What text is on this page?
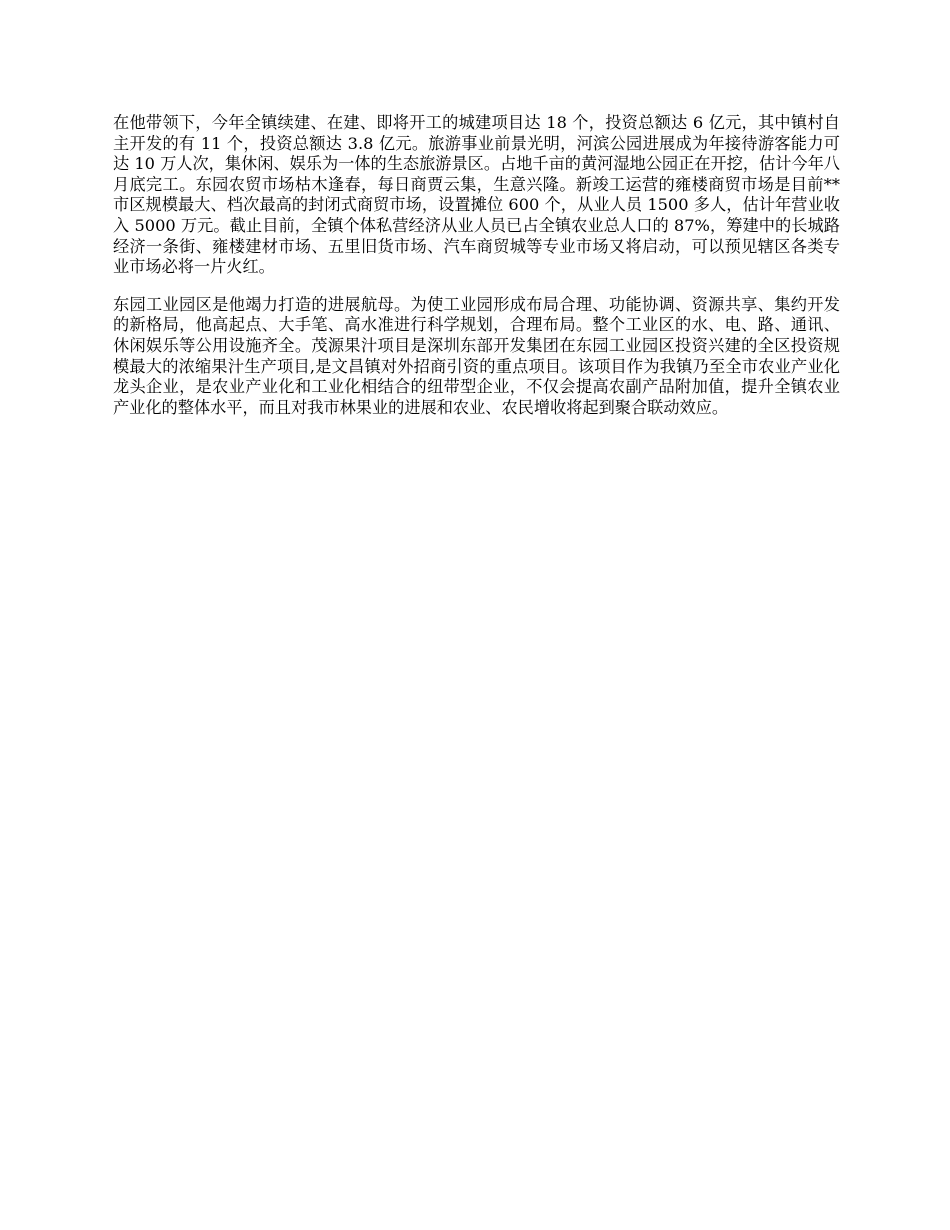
在他带领下，今年全镇续建、在建、即将开工的城建项目达 18 个，投资总额达 6 亿元，其中镇村自主开发的有 11 个，投资总额达 3.8 亿元。旅游事业前景光明，河滨公园进展成为年接待游客能力可达 10 万人次，集休闲、娱乐为一体的生态旅游景区。占地千亩的黄河湿地公园正在开挖，估计今年八月底完工。东园农贸市场枯木逢春，每日商贾云集，生意兴隆。新竣工运营的雍楼商贸市场是目前**市区规模最大、档次最高的封闭式商贸市场，设置摊位 600 个，从业人员 1500 多人，估计年营业收入 5000 万元。截止目前，全镇个体私营经济从业人员已占全镇农业总人口的 87%，筹建中的长城路经济一条街、雍楼建材市场、五里旧货市场、汽车商贸城等专业市场又将启动，可以预见辖区各类专业市场必将一片火红。

东园工业园区是他竭力打造的进展航母。为使工业园形成布局合理、功能协调、资源共享、集约开发的新格局，他高起点、大手笔、高水准进行科学规划，合理布局。整个工业区的水、电、路、通讯、休闲娱乐等公用设施齐全。茂源果汁项目是深圳东部开发集团在东园工业园区投资兴建的全区投资规模最大的浓缩果汁生产项目,是文昌镇对外招商引资的重点项目。该项目作为我镇乃至全市农业产业化龙头企业，是农业产业化和工业化相结合的纽带型企业，不仅会提高农副产品附加值，提升全镇农业产业化的整体水平，而且对我市林果业的进展和农业、农民增收将起到聚合联动效应。
